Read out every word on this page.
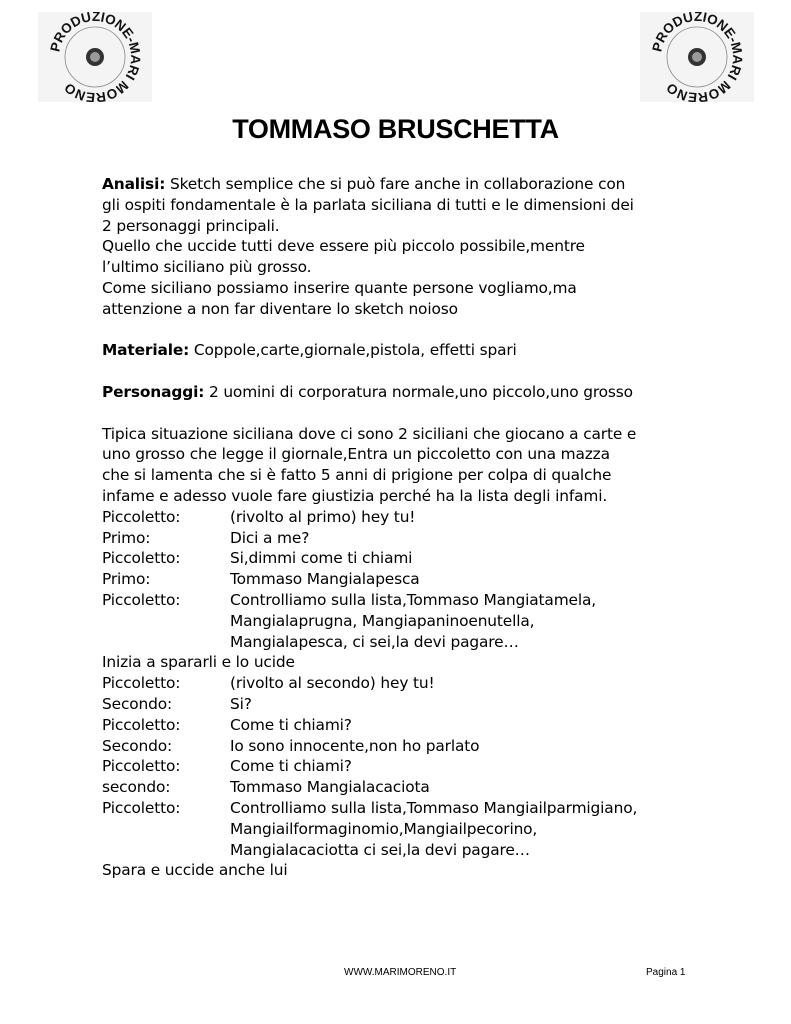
PRODUZIONE-MARI MORENO
PRODUZIONE-MARI MORENO
TOMMASO BRUSCHETTA

Analisi: Sketch semplice che si può fare anche in collaborazione con

gli ospiti fondamentale è la parlata siciliana di tutti e le dimensioni dei

2 personaggi principali.

Quello che uccide tutti deve essere più piccolo possibile,mentre

l’ultimo siciliano più grosso.

Come siciliano possiamo inserire quante persone vogliamo,ma

attenzione a non far diventare lo sketch noioso

Materiale: Coppole,carte,giornale,pistola, effetti spari

Personaggi: 2 uomini di corporatura normale,uno piccolo,uno grosso

Tipica situazione siciliana dove ci sono 2 siciliani che giocano a carte e

uno grosso che legge il giornale,Entra un piccoletto con una mazza

che si lamenta che si è fatto 5 anni di prigione per colpa di qualche

infame e adesso vuole fare giustizia perché ha la lista degli infami.

Piccoletto:	(rivolto al primo) hey tu!

Primo:	Dici a me?

Piccoletto:	Si,dimmi come ti chiami

Primo:	Tommaso Mangialapesca

Piccoletto:	Controlliamo sulla lista,Tommaso Mangiatamela,

Mangialaprugna, Mangiapaninoenutella,

Mangialapesca, ci sei,la devi pagare…

Inizia a spararli e lo ucide

Piccoletto:	(rivolto al secondo) hey tu!

Secondo:	Si?

Piccoletto:	Come ti chiami?

Secondo:	Io sono innocente,non ho parlato

Piccoletto:	Come ti chiami?

secondo:	Tommaso Mangialacaciota

Piccoletto:	Controlliamo sulla lista,Tommaso Mangiailparmigiano,

Mangiailformaginomio,Mangiailpecorino,

Mangialacaciotta ci sei,la devi pagare…

Spara e uccide anche lui

WWW.MARIMORENO.IT	Pagina 1
